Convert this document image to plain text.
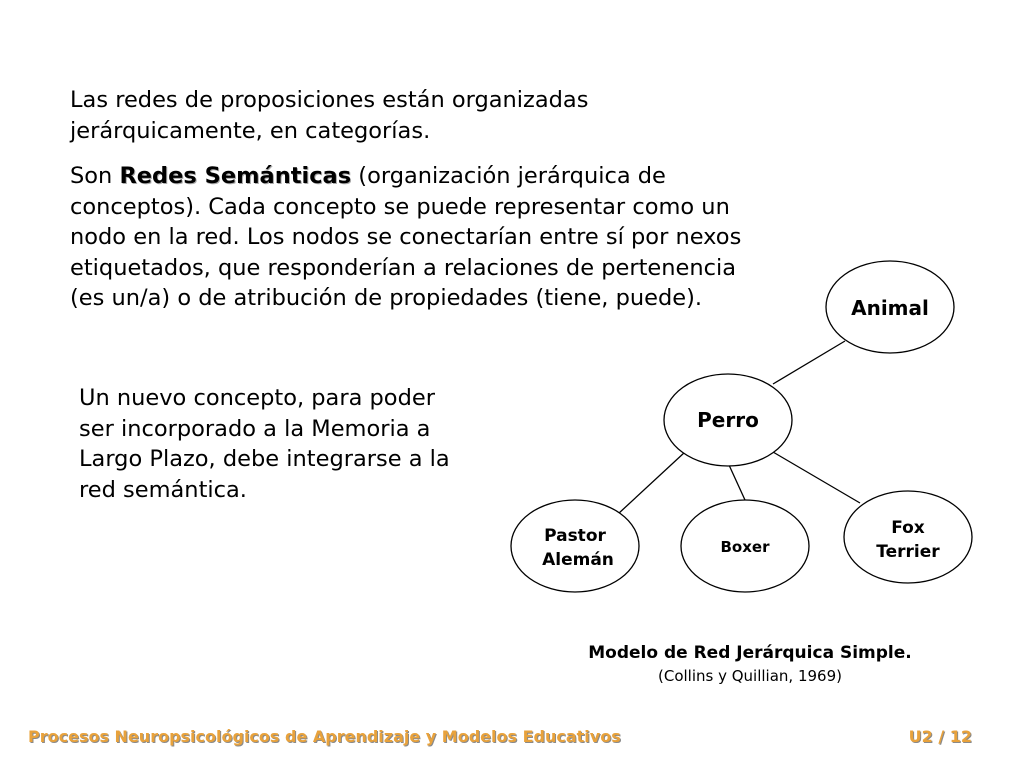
Las redes de proposiciones están organizadas jerárquicamente, en categorías.

Son Redes Semánticas (organización jerárquica de conceptos). Cada concepto se puede representar como un nodo en la red. Los nodos se conectarían entre sí por nexos etiquetados, que responderían a relaciones de pertenencia (es un/a) o de atribución de propiedades (tiene, puede).

Un nuevo concepto, para poder ser incorporado a la Memoria a Largo Plazo, debe integrarse a la red semántica.

Animal
Perro
Pastor
Alemán
Boxer
Fox
Terrier
Modelo de Red Jerárquica Simple.
(Collins y Quillian, 1969)
Procesos Neuropsicológicos de Aprendizaje y Modelos Educativos	U2 / 12
